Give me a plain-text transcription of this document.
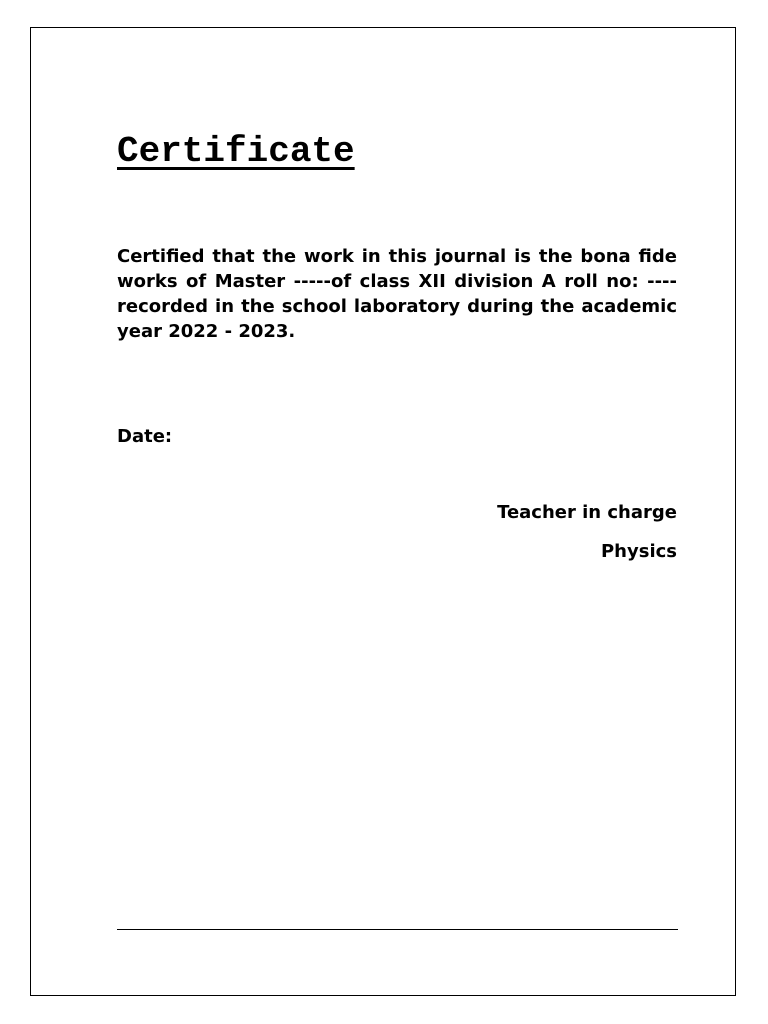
Certificate

Certified that the work in this journal is the bona fide works of Master -----of class XII division A roll no: ---- recorded in the school laboratory during the academic year 2022 - 2023.

Date:

Teacher in charge

Physics
